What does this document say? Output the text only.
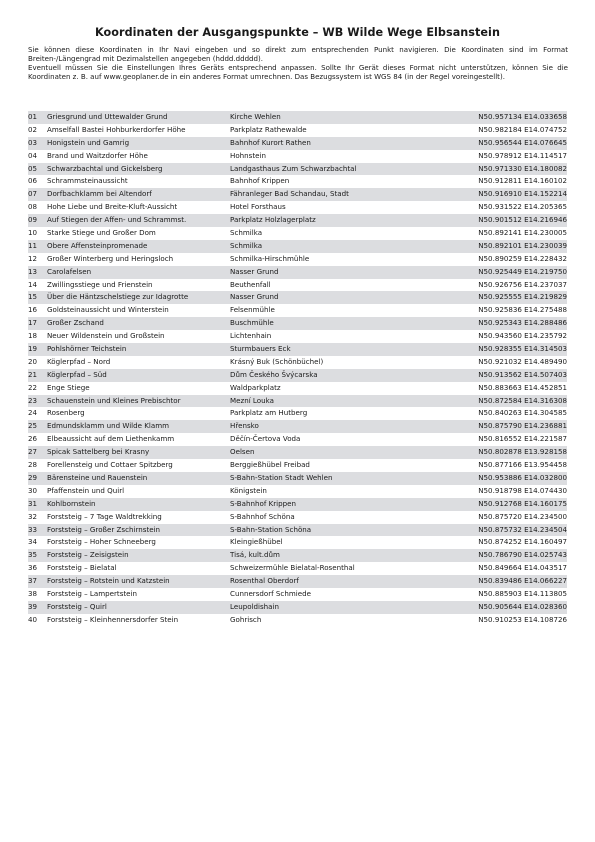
Koordinaten der Ausgangspunkte – WB Wilde Wege Elbsanstein

Sie können diese Koordinaten in Ihr Navi eingeben und so direkt zum entsprechenden Punkt navigieren. Die Koordinaten sind im Format Breiten-/Längengrad mit Dezimalstellen angegeben (hddd.ddddd).

Eventuell müssen Sie die Einstellungen Ihres Geräts entsprechend anpassen. Sollte Ihr Gerät dieses Format nicht unterstützen, können Sie die Koordinaten z. B. auf www.geoplaner.de in ein anderes Format umrechnen. Das Bezugssystem ist WGS 84 (in der Regel voreingestellt).

01	Griesgrund und Uttewalder Grund	Kirche Wehlen	N50.957134 E14.033658
02	Amselfall Bastei Hohburkerdorfer Höhe	Parkplatz Rathewalde	N50.982184 E14.074752
03	Honigstein und Gamrig	Bahnhof Kurort Rathen	N50.956544 E14.076645
04	Brand und Waitzdorfer Höhe	Hohnstein	N50.978912 E14.114517
05	Schwarzbachtal und Gickelsberg	Landgasthaus Zum Schwarzbachtal	N50.971330 E14.180082
06	Schrammsteinaussicht	Bahnhof Krippen	N50.912811 E14.160102
07	Dorfbachklamm bei Altendorf	Fähranleger Bad Schandau, Stadt	N50.916910 E14.152214
08	Hohe Liebe und Breite-Kluft-Aussicht	Hotel Forsthaus	N50.931522 E14.205365
09	Auf Stiegen der Affen- und Schrammst.	Parkplatz Holzlagerplatz	N50.901512 E14.216946
10	Starke Stiege und Großer Dom	Schmilka	N50.892141 E14.230005
11	Obere Affensteinpromenade	Schmilka	N50.892101 E14.230039
12	Großer Winterberg und Heringsloch	Schmilka-Hirschmühle	N50.890259 E14.228432
13	Carolafelsen	Nasser Grund	N50.925449 E14.219750
14	Zwillingsstiege und Frienstein	Beuthenfall	N50.926756 E14.237037
15	Über die Häntzschelstiege zur Idagrotte	Nasser Grund	N50.925555 E14.219829
16	Goldsteinaussicht und Winterstein	Felsenmühle	N50.925836 E14.275488
17	Großer Zschand	Buschmühle	N50.925343 E14.288486
18	Neuer Wildenstein und Großstein	Lichtenhain	N50.943560 E14.235792
19	Pohlshörner Teichstein	Sturmbauers Eck	N50.928355 E14.314503
20	Köglerpfad – Nord	Krásný Buk (Schönbüchel)	N50.921032 E14.489490
21	Köglerpfad – Süd	Dům Českého Švýcarska	N50.913562 E14.507403
22	Enge Stiege	Waldparkplatz	N50.883663 E14.452851
23	Schauenstein und Kleines Prebischtor	Mezní Louka	N50.872584 E14.316308
24	Rosenberg	Parkplatz am Hutberg	N50.840263 E14.304585
25	Edmundsklamm und Wilde Klamm	Hřensko	N50.875790 E14.236881
26	Elbeaussicht auf dem Liethenkamm	Děčín-Čertova Voda	N50.816552 E14.221587
27	Spicak Sattelberg bei Krasny	Oelsen	N50.802878 E13.928158
28	Forellensteig und Cottaer Spitzberg	Berggießhübel Freibad	N50.877166 E13.954458
29	Bärensteine und Rauenstein	S-Bahn-Station Stadt Wehlen	N50.953886 E14.032800
30	Pfaffenstein und Quirl	Königstein	N50.918798 E14.074430
31	Kohlbornstein	S-Bahnhof Krippen	N50.912768 E14.160175
32	Forststeig – 7 Tage Waldtrekking	S-Bahnhof Schöna	N50.875720 E14.234500
33	Forststeig – Großer Zschirnstein	S-Bahn-Station Schöna	N50.875732 E14.234504
34	Forststeig – Hoher Schneeberg	Kleingießhübel	N50.874252 E14.160497
35	Forststeig – Zeisigstein	Tisá, kult.dům	N50.786790 E14.025743
36	Forststeig – Bielatal	Schweizermühle Bielatal-Rosenthal	N50.849664 E14.043517
37	Forststeig – Rotstein und Katzstein	Rosenthal Oberdorf	N50.839486 E14.066227
38	Forststeig – Lampertstein	Cunnersdorf Schmiede	N50.885903 E14.113805
39	Forststeig – Quirl	Leupoldishain	N50.905644 E14.028360
40	Forststeig – Kleinhennersdorfer Stein	Gohrisch	N50.910253 E14.108726
